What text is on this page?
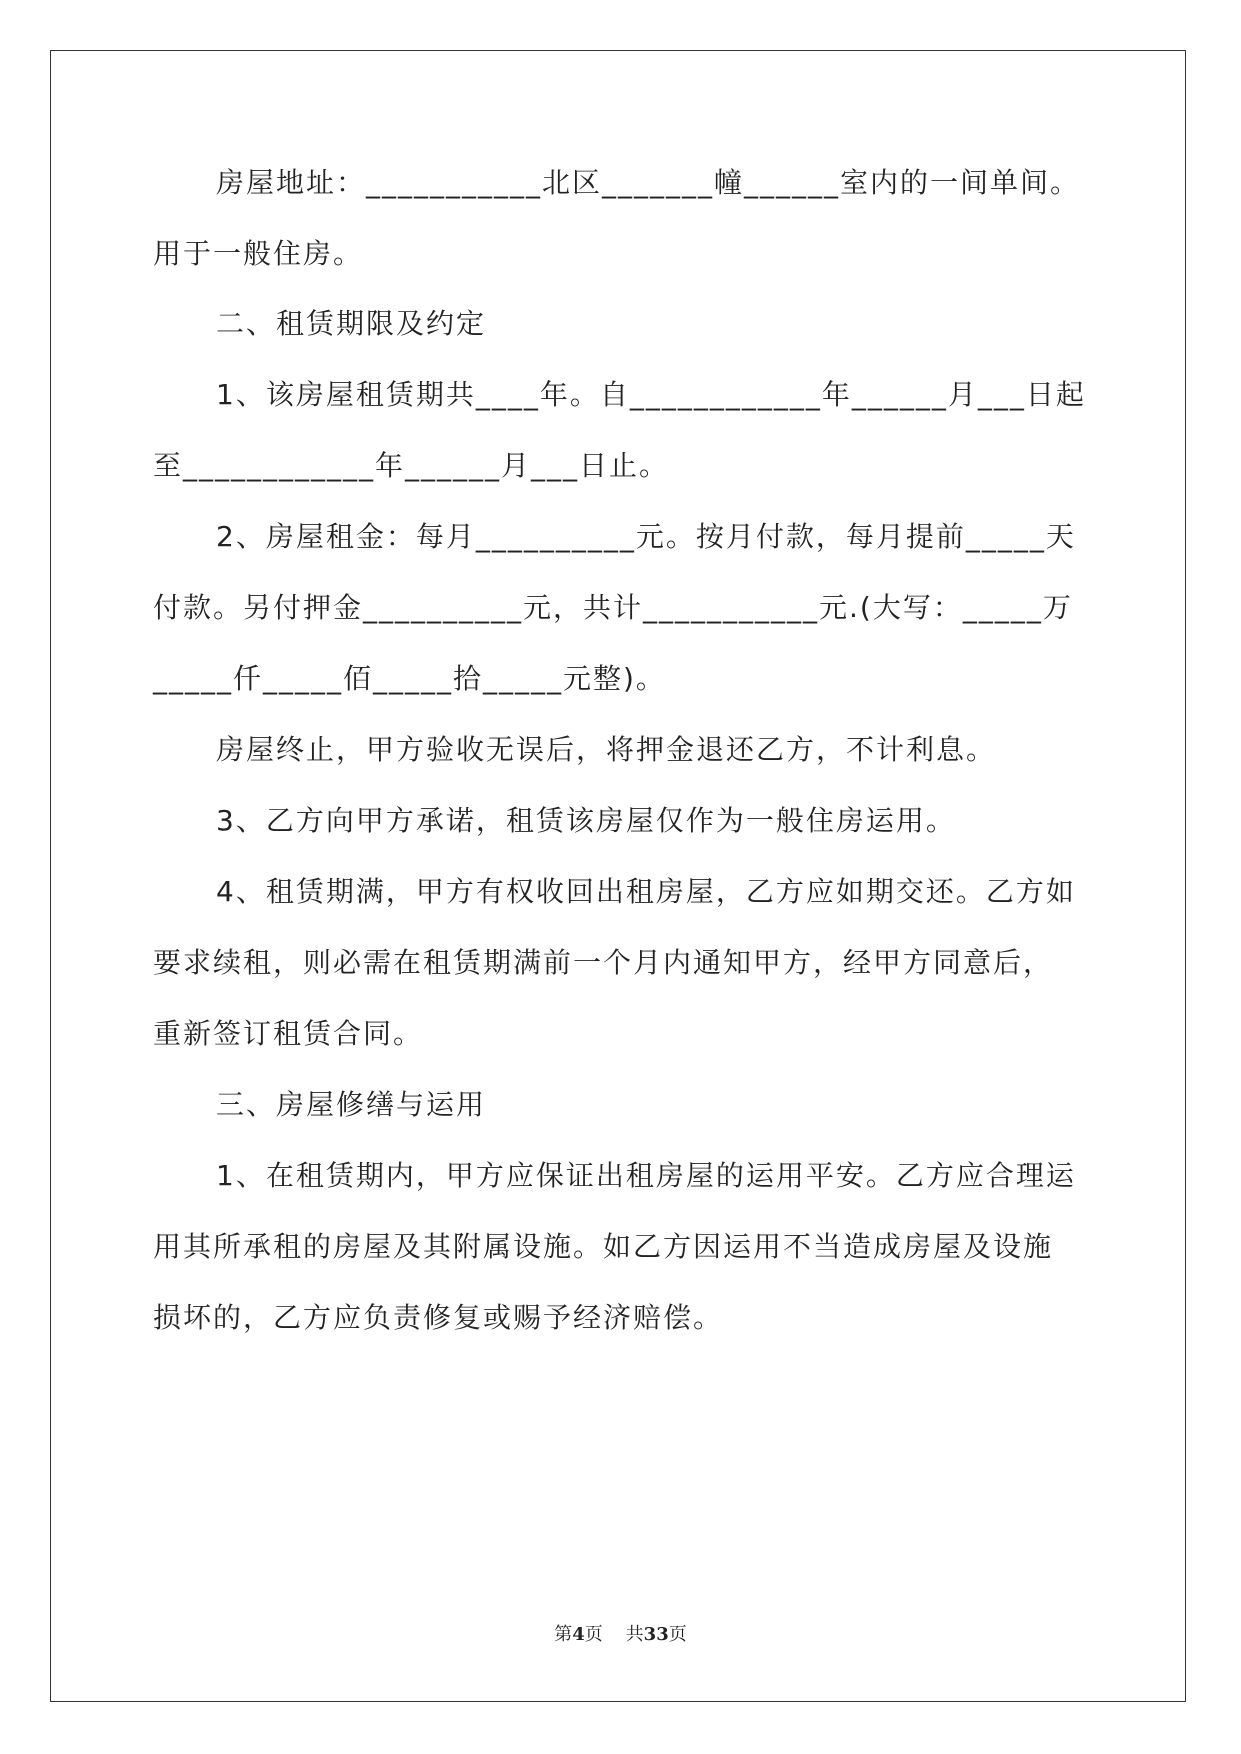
房屋地址：___________北区_______幢______室内的一间单间。
用于一般住房。
二、租赁期限及约定
1、该房屋租赁期共____年。自____________年______月___日起
至____________年______月___日止。
2、房屋租金：每月__________元。按月付款，每月提前_____天
付款。另付押金__________元，共计___________元.(大写：_____万
_____仟_____佰_____拾_____元整)。
房屋终止，甲方验收无误后，将押金退还乙方，不计利息。
3、乙方向甲方承诺，租赁该房屋仅作为一般住房运用。
4、租赁期满，甲方有权收回出租房屋，乙方应如期交还。乙方如
要求续租，则必需在租赁期满前一个月内通知甲方，经甲方同意后，
重新签订租赁合同。
三、房屋修缮与运用
1、在租赁期内，甲方应保证出租房屋的运用平安。乙方应合理运
用其所承租的房屋及其附属设施。如乙方因运用不当造成房屋及设施
损坏的，乙方应负责修复或赐予经济赔偿。
第4页 共33页
